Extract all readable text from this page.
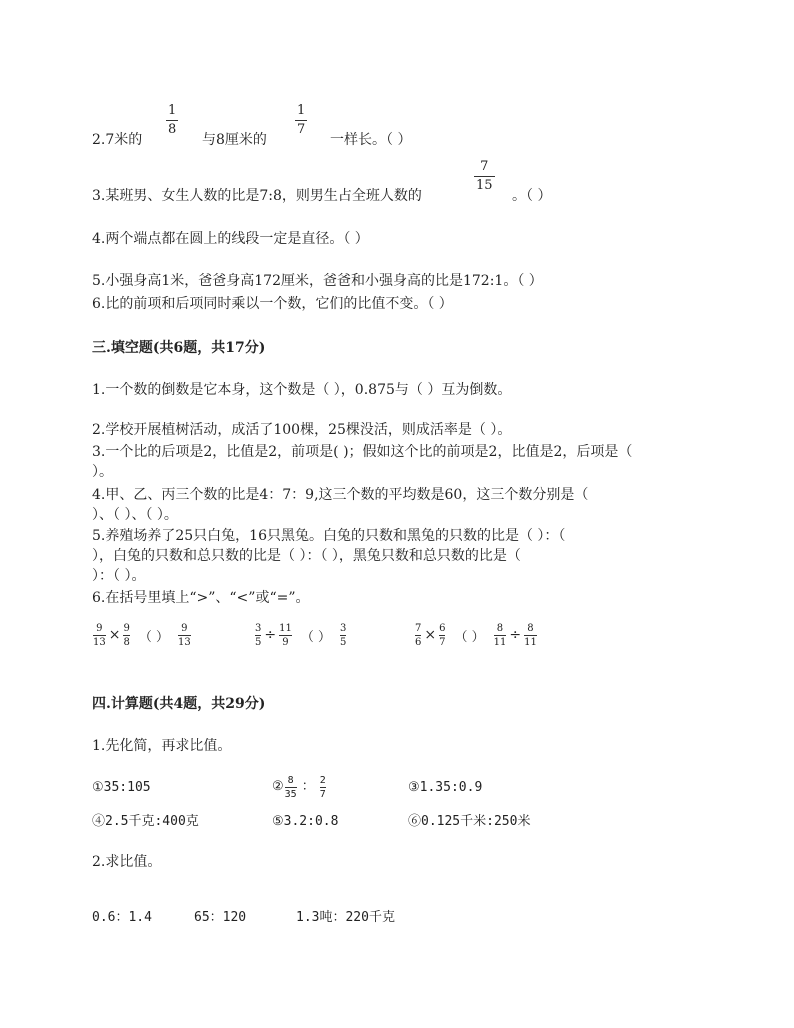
2.7米的
1
8
与8厘米的
1
7
一样长。（ ）
3.某班男、女生人数的比是7:8，则男生占全班人数的
7
15
。（ ）
4.两个端点都在圆上的线段一定是直径。（ ）
5.小强身高1米，爸爸身高172厘米，爸爸和小强身高的比是172:1。（ ）
6.比的前项和后项同时乘以一个数，它们的比值不变。（ ）
三.填空题(共6题，共17分)
1.一个数的倒数是它本身，这个数是（ ），0.875与（ ）互为倒数。
2.学校开展植树活动，成活了100棵，25棵没活，则成活率是（ ）。
3.一个比的后项是2，比值是2，前项是( )；假如这个比的前项是2，比值是2，后项是（
）。
4.甲、乙、丙三个数的比是4：7：9,这三个数的平均数是60，这三个数分别是（
）、（ ）、（ ）。
5.养殖场养了25只白兔，16只黑兔。白兔的只数和黑兔的只数的比是（ ）：（
），白兔的只数和总只数的比是（ ）：（ ），黑兔只数和总只数的比是（
）：（ ）。
6.在括号里填上“>”、“<”或“=”。
9
13 × 9
8 （ ）
9
13
3
5 ÷ 11
9 （ ）
3
5
7
6 × 6
7 （ ）
8
11 ÷ 8
11
四.计算题(共4题，共29分)
1.先化简，再求比值。
①35:105	② 8
35 ： 2
7	③1.35:0.9
④2.5千克:400克	⑤3.2:0.8	⑥0.125千米:250米
2.求比值。
0.6：1.4	65：120	1.3吨：220千克
